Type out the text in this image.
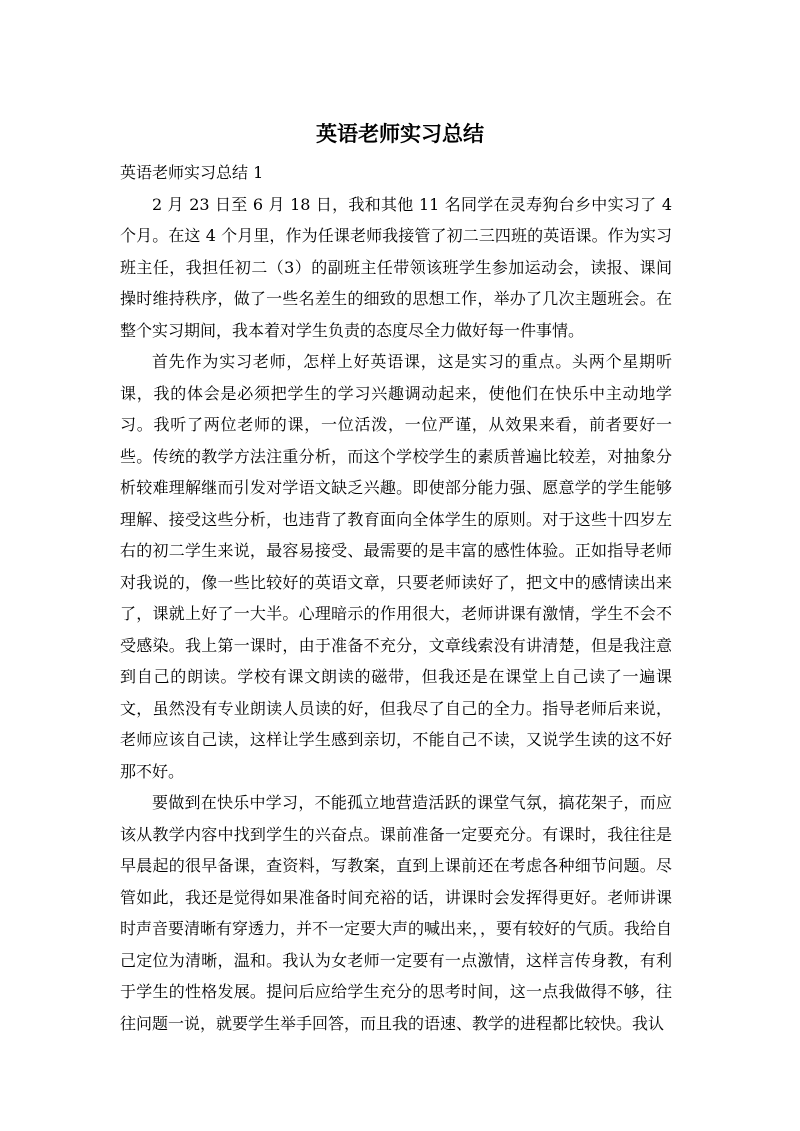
英语老师实习总结

英语老师实习总结 1

2 月 23 日至 6 月 18 日，我和其他 11 名同学在灵寿狗台乡中实习了 4 个月。在这 4 个月里，作为任课老师我接管了初二三四班的英语课。作为实习班主任，我担任初二（3）的副班主任带领该班学生参加运动会，读报、课间操时维持秩序，做了一些名差生的细致的思想工作，举办了几次主题班会。在整个实习期间，我本着对学生负责的态度尽全力做好每一件事情。

首先作为实习老师，怎样上好英语课，这是实习的重点。头两个星期听课，我的体会是必须把学生的学习兴趣调动起来，使他们在快乐中主动地学习。我听了两位老师的课，一位活泼，一位严谨，从效果来看，前者要好一些。传统的教学方法注重分析，而这个学校学生的素质普遍比较差，对抽象分析较难理解继而引发对学语文缺乏兴趣。即使部分能力强、愿意学的学生能够理解、接受这些分析，也违背了教育面向全体学生的原则。对于这些十四岁左右的初二学生来说，最容易接受、最需要的是丰富的感性体验。正如指导老师对我说的，像一些比较好的英语文章，只要老师读好了，把文中的感情读出来了，课就上好了一大半。心理暗示的作用很大，老师讲课有激情，学生不会不受感染。我上第一课时，由于准备不充分，文章线索没有讲清楚，但是我注意到自己的朗读。学校有课文朗读的磁带，但我还是在课堂上自己读了一遍课文，虽然没有专业朗读人员读的好，但我尽了自己的全力。指导老师后来说，老师应该自己读，这样让学生感到亲切，不能自己不读，又说学生读的这不好那不好。

要做到在快乐中学习，不能孤立地营造活跃的课堂气氛，搞花架子，而应该从教学内容中找到学生的兴奋点。课前准备一定要充分。有课时，我往往是早晨起的很早备课，查资料，写教案，直到上课前还在考虑各种细节问题。尽管如此，我还是觉得如果准备时间充裕的话，讲课时会发挥得更好。老师讲课时声音要清晰有穿透力，并不一定要大声的喊出来，，要有较好的气质。我给自己定位为清晰，温和。我认为女老师一定要有一点激情，这样言传身教，有利于学生的性格发展。提问后应给学生充分的思考时间，这一点我做得不够，往往问题一说，就要学生举手回答，而且我的语速、教学的进程都比较快。我认
